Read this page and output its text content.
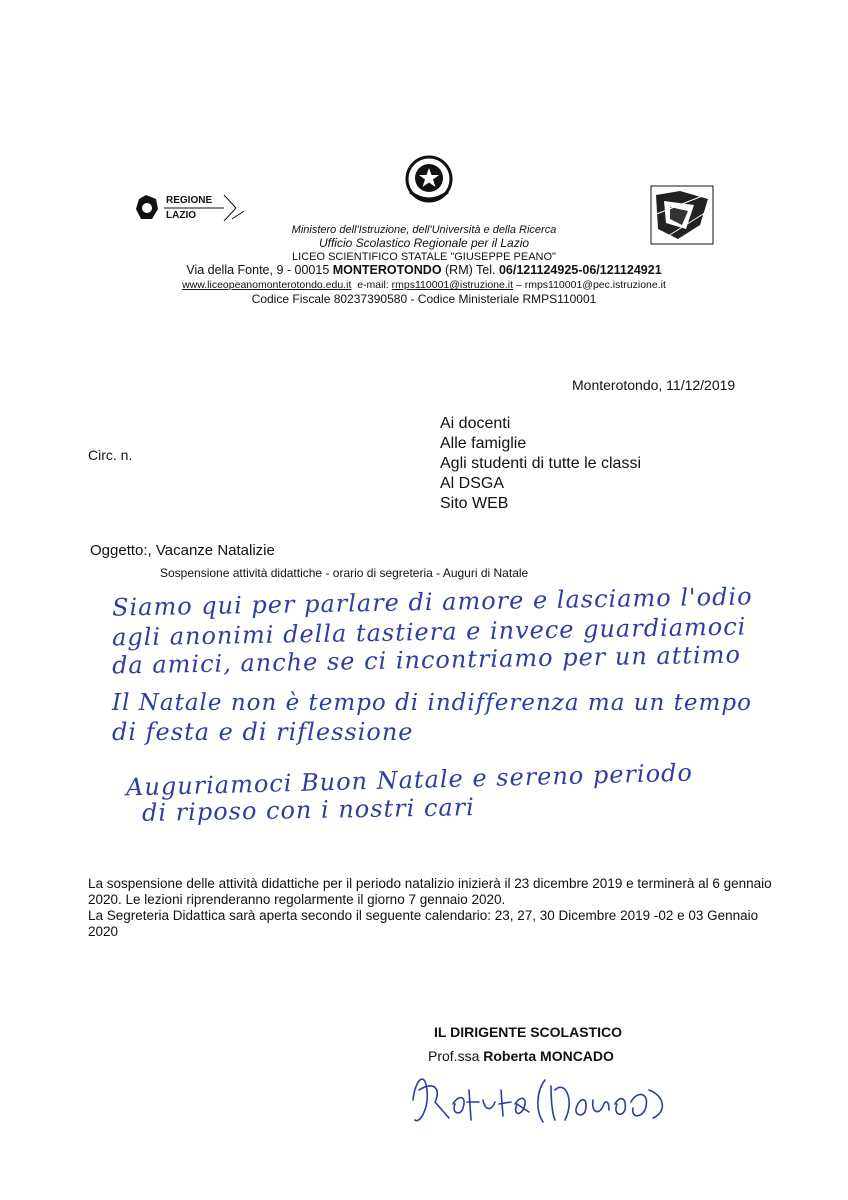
REGIONE
LAZIO
Ministero dell'Istruzione, dell'Università e della Ricerca
Ufficio Scolastico Regionale per il Lazio
LICEO SCIENTIFICO STATALE "GIUSEPPE PEANO"
Via della Fonte, 9 - 00015 MONTEROTONDO (RM) Tel. 06/121124925-06/121124921
www.liceopeanomonterotondo.edu.it e-mail: rmps110001@istruzione.it – rmps110001@pec.istruzione.it
Codice Fiscale 80237390580 - Codice Ministeriale RMPS110001
Monterotondo, 11/12/2019
Ai docenti
Alle famiglie
Agli studenti di tutte le classi
Al DSGA
Sito WEB
Circ. n.
Oggetto:, Vacanze Natalizie
Sospensione attività didattiche - orario di segreteria - Auguri di Natale
Siamo qui per parlare di amore e lasciamo l'odio
agli anonimi della tastiera e invece guardiamoci
da amici, anche se ci incontriamo per un attimo
Il Natale non è tempo di indifferenza ma un tempo
di festa e di riflessione
Auguriamoci Buon Natale e sereno periodo
di riposo con i nostri cari
La sospensione delle attività didattiche per il periodo natalizio inizierà il 23 dicembre 2019 e terminerà al 6 gennaio 2020. Le lezioni riprenderanno regolarmente il giorno 7 gennaio 2020.
La Segreteria Didattica sarà aperta secondo il seguente calendario: 23, 27, 30 Dicembre 2019 -02 e 03 Gennaio 2020
IL DIRIGENTE SCOLASTICO
Prof.ssa Roberta MONCADO
